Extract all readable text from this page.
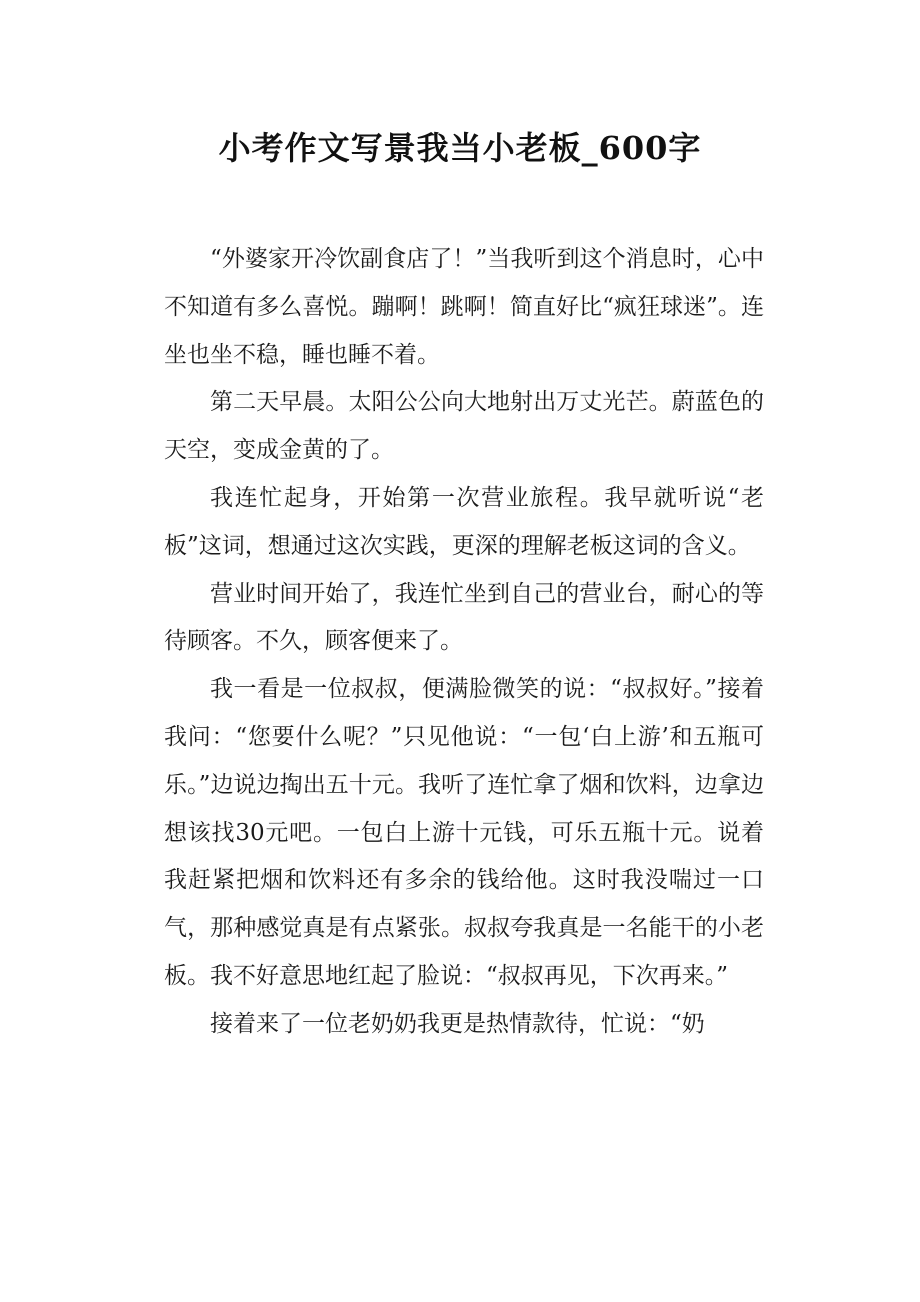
小考作文写景我当小老板_600字

“外婆家开冷饮副食店了！”当我听到这个消息时，心中不知道有多么喜悦。蹦啊！跳啊！简直好比“疯狂球迷”。连坐也坐不稳，睡也睡不着。

第二天早晨。太阳公公向大地射出万丈光芒。蔚蓝色的天空，变成金黄的了。

我连忙起身，开始第一次营业旅程。我早就听说“老板”这词，想通过这次实践，更深的理解老板这词的含义。

营业时间开始了，我连忙坐到自己的营业台，耐心的等待顾客。不久，顾客便来了。

我一看是一位叔叔，便满脸微笑的说：“叔叔好。”接着我问：“您要什么呢？”只见他说：“一包‘白上游’和五瓶可乐。”边说边掏出五十元。我听了连忙拿了烟和饮料，边拿边想该找30元吧。一包白上游十元钱，可乐五瓶十元。说着我赶紧把烟和饮料还有多余的钱给他。这时我没喘过一口气，那种感觉真是有点紧张。叔叔夸我真是一名能干的小老板。我不好意思地红起了脸说：“叔叔再见，下次再来。”

接着来了一位老奶奶我更是热情款待，忙说：“奶
